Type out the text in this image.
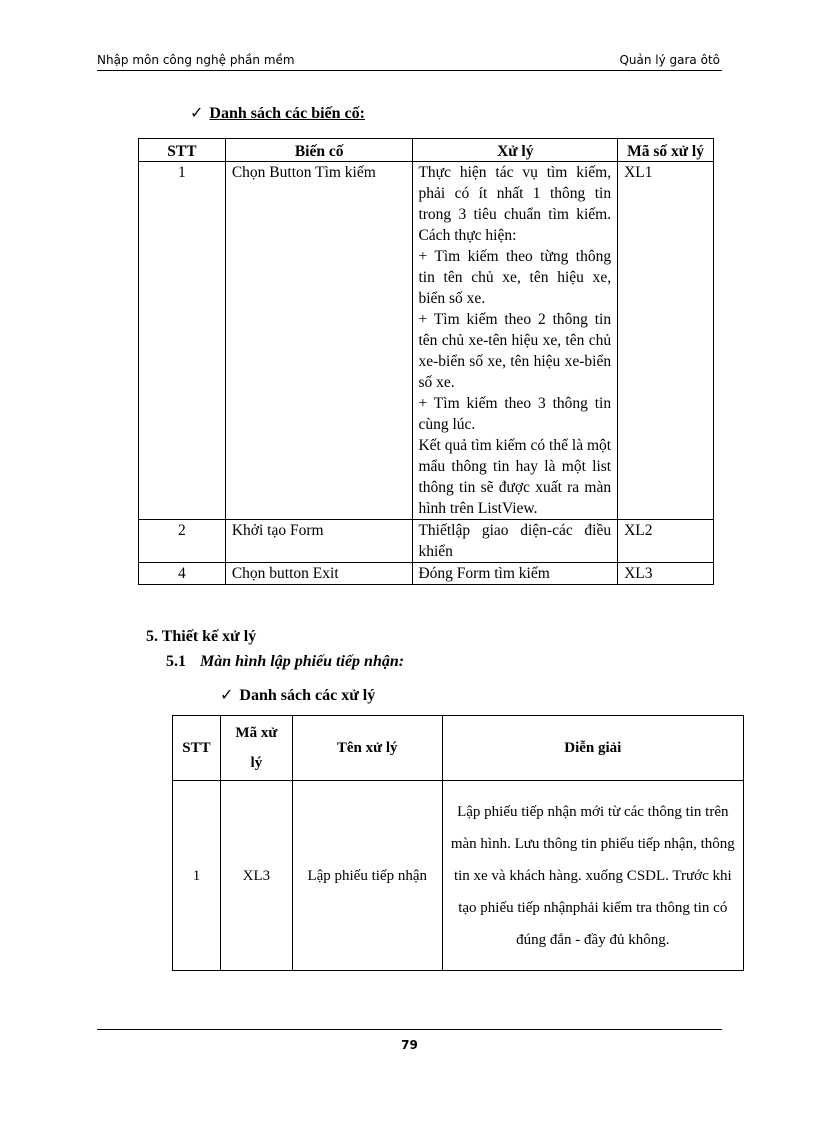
Nhập môn công nghệ phần mềm	Quản lý gara ôtô
✓ Danh sách các biến cố:
STT	Biến cố	Xử lý	Mã số xử lý
1	Chọn Button Tìm kiếm	Thực hiện tác vụ tìm kiếm, phải có ít nhất 1 thông tin trong 3 tiêu chuẩn tìm kiếm. Cách thực hiện:
+ Tìm kiếm theo từng thông tin tên chủ xe, tên hiệu xe, biển số xe.
+ Tìm kiếm theo 2 thông tin tên chủ xe-tên hiệu xe, tên chủ xe-biển số xe, tên hiệu xe-biển số xe.
+ Tìm kiếm theo 3 thông tin cùng lúc.
Kết quả tìm kiếm có thể là một mẩu thông tin hay là một list thông tin sẽ được xuất ra màn hình trên ListView.	XL1
2	Khởi tạo Form	Thiếtlập giao diện-các điều khiển	XL2
4	Chọn button Exit	Đóng Form tìm kiếm	XL3
5. Thiết kế xử lý
5.1 Màn hình lập phiếu tiếp nhận:
✓ Danh sách các xử lý
STT	Mã xử lý	Tên xử lý	Diễn giải
1	XL3	Lập phiếu tiếp nhận	Lập phiếu tiếp nhận mới từ các thông tin trên màn hình. Lưu thông tin phiếu tiếp nhận, thông tin xe và khách hàng. xuống CSDL. Trước khi tạo phiếu tiếp nhậnphải kiểm tra thông tin có đúng đắn - đầy đủ không.
79
